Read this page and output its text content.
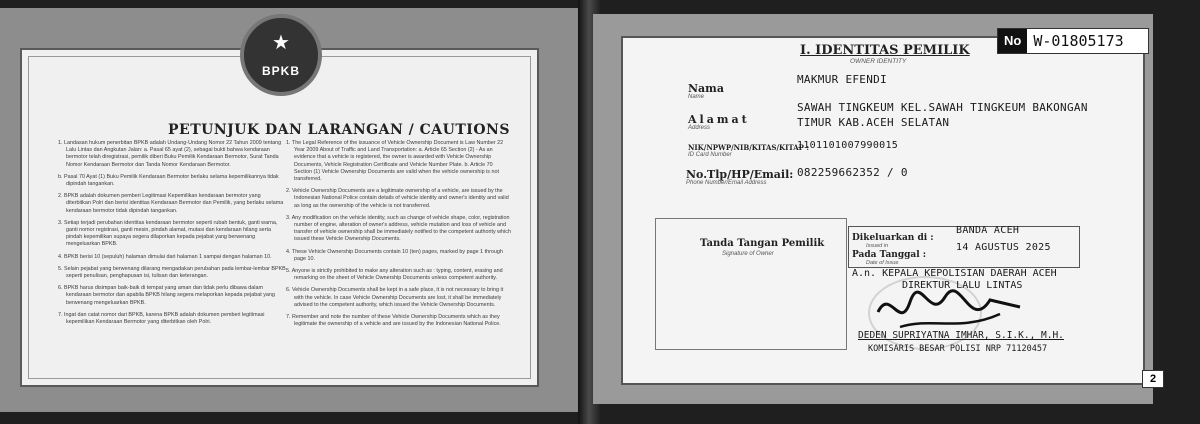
★
BPKB
PETUNJUK DAN LARANGAN / CAUTIONS

1. Landasan hukum penerbitan BPKB adalah Undang-Undang Nomor 22 Tahun 2009 tentang Lalu Lintas dan Angkutan Jalan: a. Pasal 65 ayat (2), sebagai bukti bahwa kendaraan bermotor telah diregistrasi, pemilik diberi Buku Pemilik Kendaraan Bermotor, Surat Tanda Nomor Kendaraan Bermotor dan Tanda Nomor Kendaraan Bermotor.

b. Pasal 70 Ayat (1) Buku Pemilik Kendaraan Bermotor berlaku selama kepemilikannya tidak dipindah tangankan.

2. BPKB adalah dokumen pemberi Legitimasi Kepemilikan kendaraan bermotor yang diterbitkan Polri dan berisi identitas Kendaraan Bermotor dan Pemilik, yang berlaku selama kendaraan bermotor tidak dipindah tangankan.

3. Setiap terjadi perubahan identitas kendaraan bermotor seperti rubah bentuk, ganti warna, ganti nomor registrasi, ganti mesin, pindah alamat, mutasi dan kendaraan hilang serta pindah kepemilikan supaya segera dilaporkan kepada pejabat yang berwenang mengeluarkan BPKB.

4. BPKB berisi 10 (sepuluh) halaman dimulai dari halaman 1 sampai dengan halaman 10.

5. Selain pejabat yang berwenang dilarang mengadakan perubahan pada lembar-lembar BPKB seperti penulisan, penghapusan isi, tulisan dan keterangan.

6. BPKB harus disimpan baik-baik di tempat yang aman dan tidak perlu dibawa dalam kendaraan bermotor dan apabila BPKB hilang segera melaporkan kepada pejabat yang berwenang mengeluarkan BPKB.

7. Ingat dan catat nomor dari BPKB, karena BPKB adalah dokumen pemberi legitimasi kepemilikan Kendaraan Bermotor yang diterbitkan oleh Polri.

1. The Legal Reference of the issuance of Vehicle Ownership Document is Law Number 22 Year 2009 About of Traffic and Land Transportation: a. Article 65 Section (2) - As an evidence that a vehicle is registered, the owner is awarded with Vehicle Ownership Documents, Vehicle Registration Certificate and Vehicle Number Plate. b. Article 70 Section (1) Vehicle Ownership Documents are valid when the vehicle ownership is not transferred.

2. Vehicle Ownership Documents are a legitimate ownership of a vehicle, are issued by the Indonesian National Police contain details of vehicle identity and owner's identity and valid as long as the ownership of the vehicle is not transferred.

3. Any modification on the vehicle identity, such as change of vehicle shape, color, registration number of engine, alteration of owner's address, vehicle mutation and loss of vehicle and transfer of vehicle ownership shall be immediately notified to the competent authority which issued these Vehicle Ownership Documents.

4. These Vehicle Ownership Documents contain 10 (ten) pages, marked by page 1 through page 10.

5. Anyone is strictly prohibited to make any alteration such as : typing, content, erasing and remarking on the sheet of Vehicle Ownership Documents unless competent authority.

6. Vehicle Ownership Documents shall be kept in a safe place, it is not necessary to bring it with the vehicle. In case Vehicle Ownership Documents are lost, it shall be immediately advised to the competent authority, which issued the Vehicle Ownership Documents.

7. Remember and note the number of these Vehicle Ownership Documents which as they legitimate the ownership of a vehicle and are issued by the Indonesian National Police.

No W-01805173
I. IDENTITAS PEMILIK
OWNER IDENTITY
Nama
Name
MAKMUR EFENDI
Alamat
Address
SAWAH TINGKEUM KEL.SAWAH TINGKEUM BAKONGAN
TIMUR KAB.ACEH SELATAN
NIK/NPWP/NIB/KITAS/KITAP :
ID Card Number
1101101007990015
No.Tlp/HP/Email:
Phone Number/Email Address
082259662352 / 0
Tanda Tangan Pemilik
Signature of Owner
Dikeluarkan di :
Issued in
BANDA ACEH
Pada Tanggal :
Date of Issue
14 AGUSTUS 2025
A.n. KEPALA KEPOLISIAN DAERAH ACEH
DIREKTUR LALU LINTAS
DEDEN SUPRIYATNA IMHAR, S.I.K., M.H.
KOMISARIS BESAR POLISI NRP 71120457
2
